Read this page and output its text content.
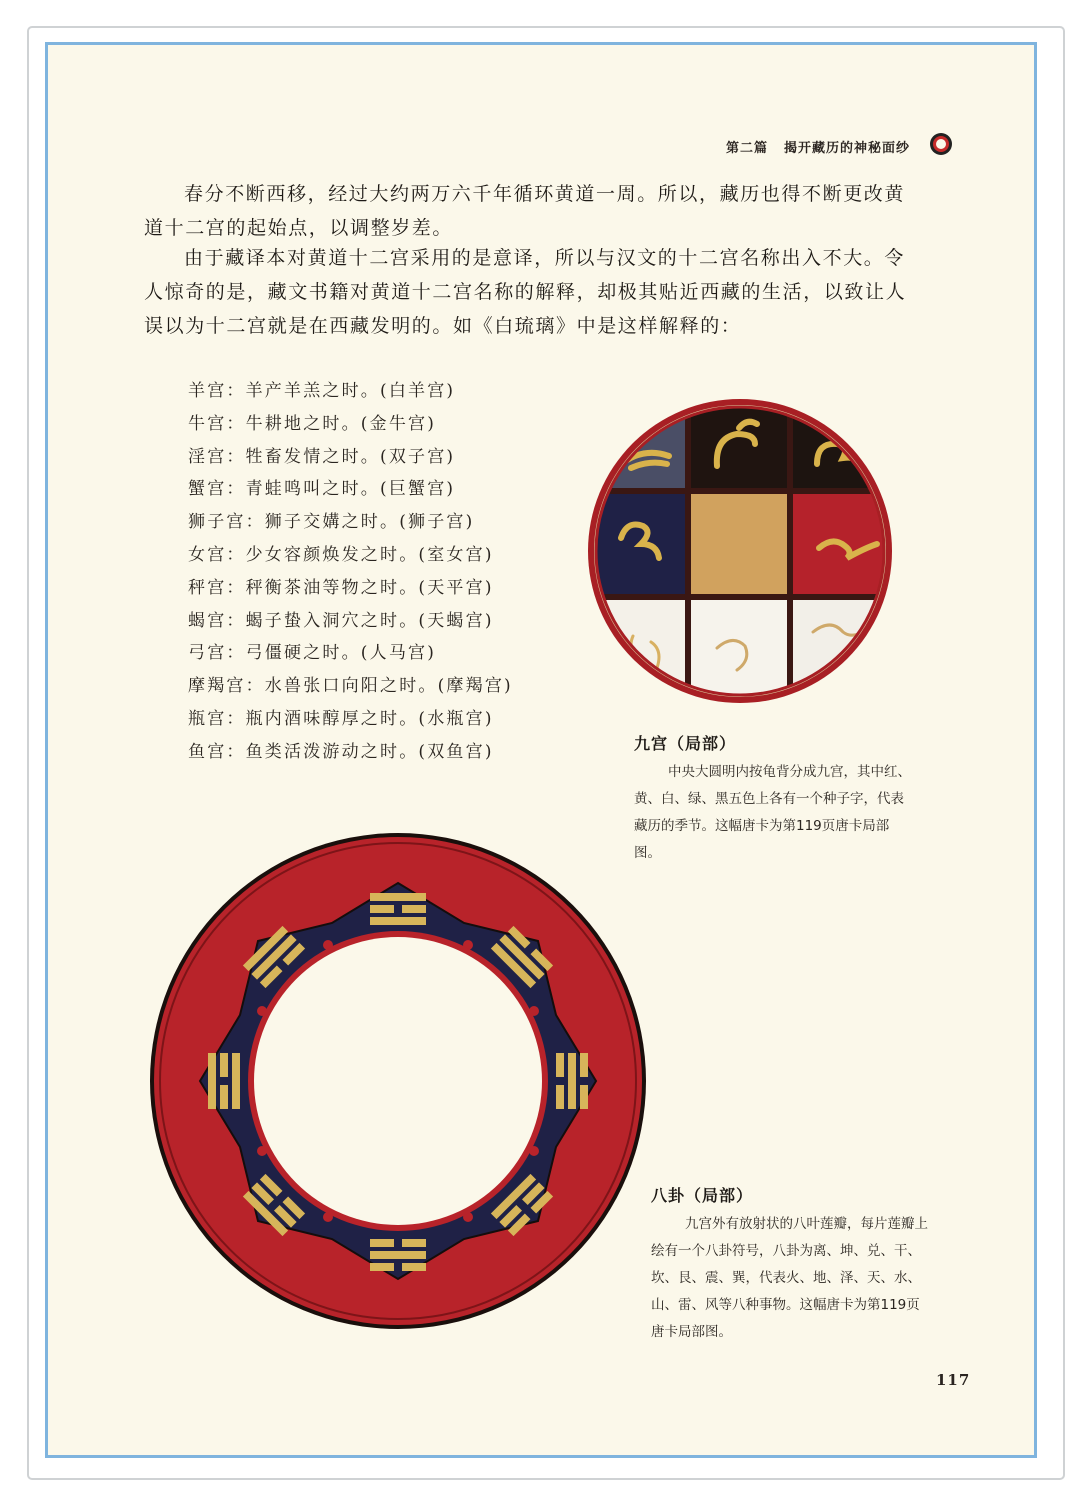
第二篇 揭开藏历的神秘面纱

春分不断西移，经过大约两万六千年循环黄道一周。所以，藏历也得不断更改黄道十二宫的起始点，以调整岁差。

由于藏译本对黄道十二宫采用的是意译，所以与汉文的十二宫名称出入不大。令人惊奇的是，藏文书籍对黄道十二宫名称的解释，却极其贴近西藏的生活，以致让人误以为十二宫就是在西藏发明的。如《白琉璃》中是这样解释的：

羊宫：羊产羊羔之时。(白羊宫)
牛宫：牛耕地之时。(金牛宫)
淫宫：牲畜发情之时。(双子宫)
蟹宫：青蛙鸣叫之时。(巨蟹宫)
狮子宫：狮子交媾之时。(狮子宫)
女宫：少女容颜焕发之时。(室女宫)
秤宫：秤衡茶油等物之时。(天平宫)
蝎宫：蝎子蛰入洞穴之时。(天蝎宫)
弓宫：弓僵硬之时。(人马宫)
摩羯宫：水兽张口向阳之时。(摩羯宫)
瓶宫：瓶内酒味醇厚之时。(水瓶宫)
鱼宫：鱼类活泼游动之时。(双鱼宫)	九宫（局部）

中央大圆明内按龟背分成九宫，其中红、黄、白、绿、黑五色上各有一个种子字，代表藏历的季节。这幅唐卡为第119页唐卡局部图。

八卦（局部）

九宫外有放射状的八叶莲瓣，每片莲瓣上绘有一个八卦符号，八卦为离、坤、兑、干、坎、艮、震、巽，代表火、地、泽、天、水、山、雷、风等八种事物。这幅唐卡为第119页唐卡局部图。

117
